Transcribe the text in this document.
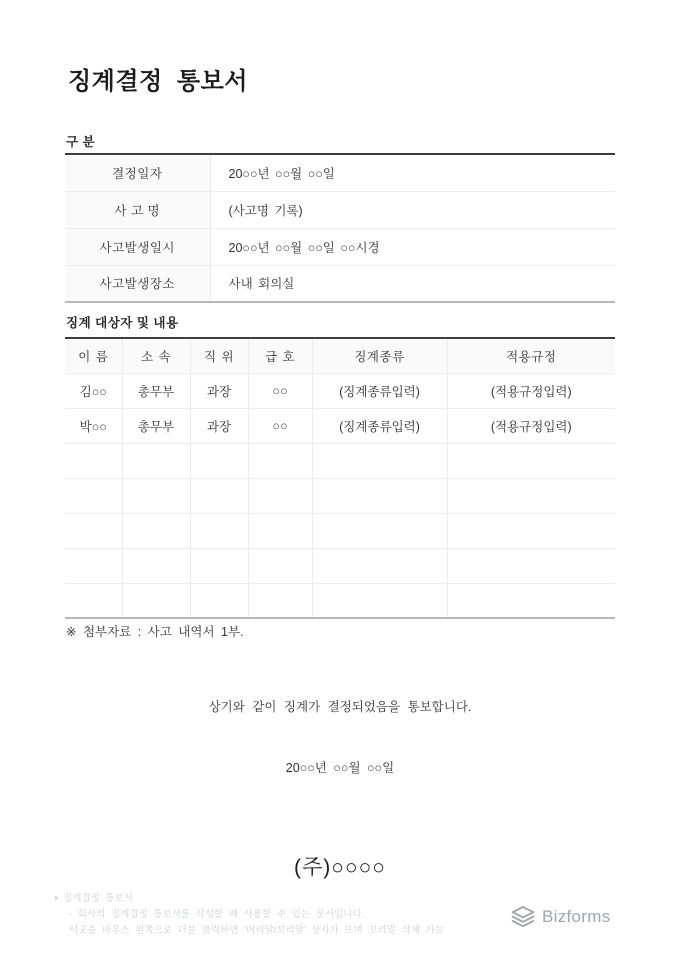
징계결정 통보서
구 분
결정일자	20○○년 ○○월 ○○일
사 고 명	(사고명 기록)
사고발생일시	20○○년 ○○월 ○○일 ○○시경
사고발생장소	사내 회의실
징계 대상자 및 내용
이 름	소 속	직 위	급 호	징계종류	적용규정
김○○	총무부	과장	○○	(징계종류입력)	(적용규정입력)
박○○	총무부	과장	○○	(징계종류입력)	(적용규정입력)

※ 첨부자료 : 사고 내역서 1부.
상기와 같이 징계가 결정되었음을 통보합니다.
20○○년 ○○월 ○○일
(주)○○○○
▸ 징계결정 통보서
- 회사의 징계결정 통보서를 작성할 때 사용할 수 있는 문서입니다.
이곳을 마우스 왼쪽으로 더블 클릭하면 ‘머리말/꼬리말’ 상자가 뜨며 꼬리말 삭제 가능
Bizforms
